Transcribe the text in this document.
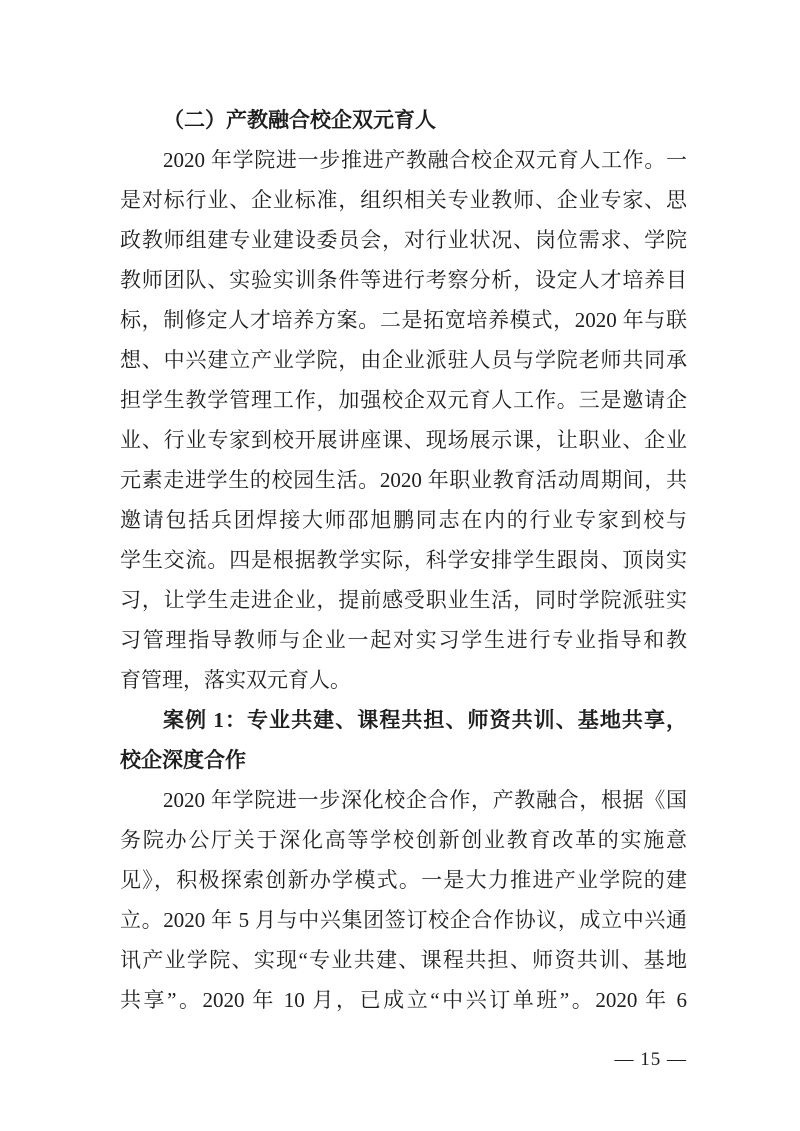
（二）产教融合校企双元育人
2020 年学院进一步推进产教融合校企双元育人工作。一
是对标行业、企业标准，组织相关专业教师、企业专家、思
政教师组建专业建设委员会，对行业状况、岗位需求、学院
教师团队、实验实训条件等进行考察分析，设定人才培养目
标，制修定人才培养方案。二是拓宽培养模式，2020 年与联
想、中兴建立产业学院，由企业派驻人员与学院老师共同承
担学生教学管理工作，加强校企双元育人工作。三是邀请企
业、行业专家到校开展讲座课、现场展示课，让职业、企业
元素走进学生的校园生活。2020 年职业教育活动周期间，共
邀请包括兵团焊接大师邵旭鹏同志在内的行业专家到校与
学生交流。四是根据教学实际，科学安排学生跟岗、顶岗实
习，让学生走进企业，提前感受职业生活，同时学院派驻实
习管理指导教师与企业一起对实习学生进行专业指导和教
育管理，落实双元育人。
案例 1：专业共建、课程共担、师资共训、基地共享，
校企深度合作
2020 年学院进一步深化校企合作，产教融合，根据《国
务院办公厅关于深化高等学校创新创业教育改革的实施意
见》，积极探索创新办学模式。一是大力推进产业学院的建
立。2020 年 5 月与中兴集团签订校企合作协议，成立中兴通
讯产业学院、实现“专业共建、课程共担、师资共训、基地
共享”。2020 年 10 月，已成立“中兴订单班”。2020 年 6
— 15 —
